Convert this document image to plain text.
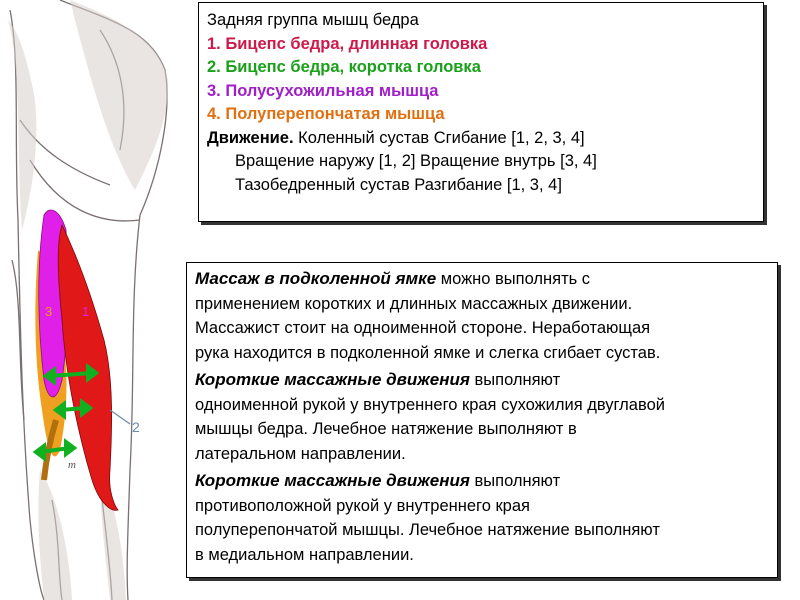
3 1
2
m
Задняя группа мышц бедра
1. Бицепс бедра, длинная головка
2. Бицепс бедра, коротка головка
3. Полусухожильная мышца
4. Полуперепончатая мышца
Движение. Коленный сустав Сгибание [1, 2, 3, 4]
Вращение наружу [1, 2] Вращение внутрь [3, 4]
Тазобедренный сустав Разгибание [1, 3, 4]
Массаж в подколенной ямке можно выполнять с
применением коротких и длинных массажных движении.
Массажист стоит на одноименной стороне. Неработающая
рука находится в подколенной ямке и слегка сгибает сустав.
Короткие массажные движения выполняют
одноименной рукой у внутреннего края сухожилия двуглавой
мышцы бедра. Лечебное натяжение выполняют в
латеральном направлении.
Короткие массажные движения выполняют
противоположной рукой у внутреннего края
полуперепончатой мышцы. Лечебное натяжение выполняют
в медиальном направлении.
